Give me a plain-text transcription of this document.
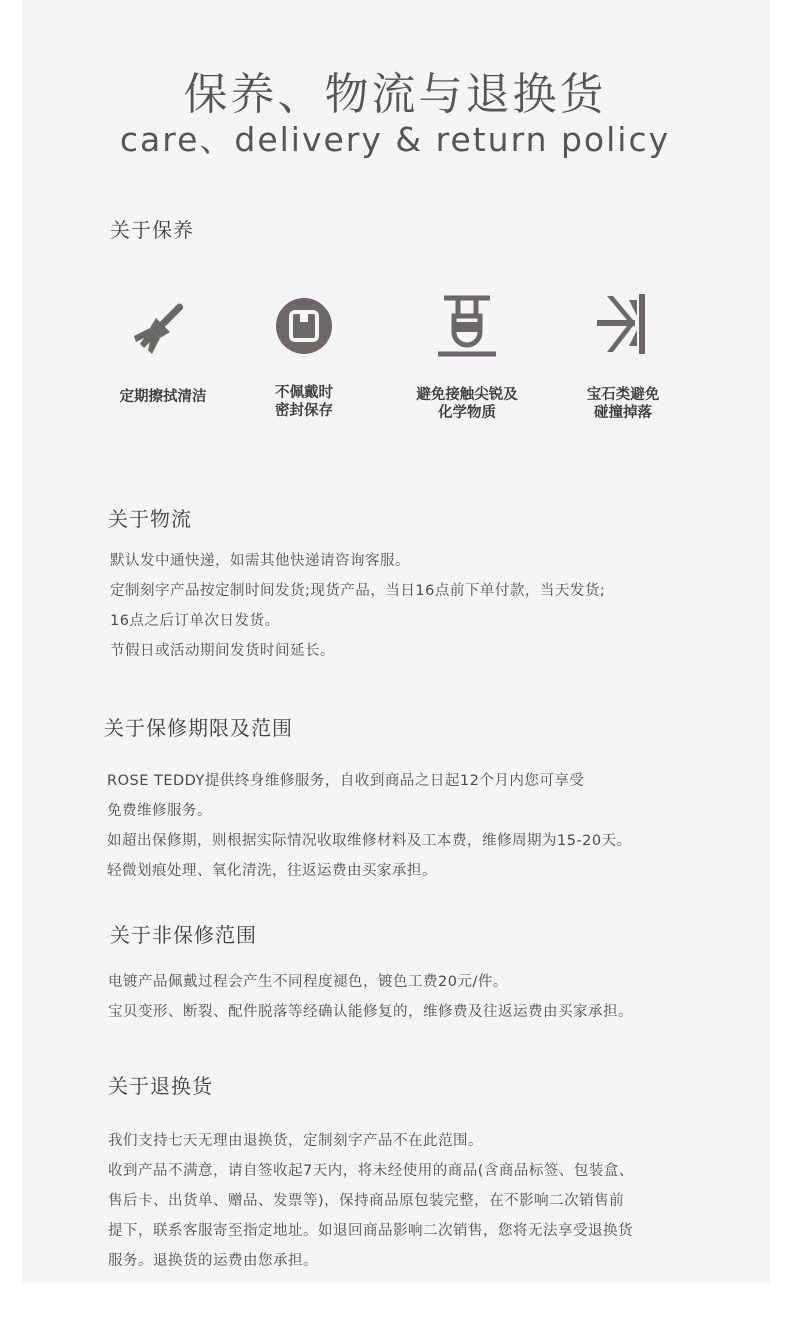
保养、物流与退换货
care、delivery & return policy
关于保养
定期擦拭清洁	不佩戴时
密封保存
避免接触尖锐及
化学物质
宝石类避免
碰撞掉落
关于物流

默认发中通快递，如需其他快递请咨询客服。

定制刻字产品按定制时间发货;现货产品，当日16点前下单付款，当天发货;

16点之后订单次日发货。

节假日或活动期间发货时间延长。

关于保修期限及范围

ROSE TEDDY提供终身维修服务，自收到商品之日起12个月内您可享受

免费维修服务。

如超出保修期，则根据实际情况收取维修材料及工本费，维修周期为15-20天。

轻微划痕处理、氧化清洗，往返运费由买家承担。

关于非保修范围

电镀产品佩戴过程会产生不同程度褪色，镀色工费20元/件。

宝贝变形、断裂、配件脱落等经确认能修复的，维修费及往返运费由买家承担。

关于退换货

我们支持七天无理由退换货，定制刻字产品不在此范围。

收到产品不满意，请自签收起7天内，将未经使用的商品(含商品标签、包装盒、

售后卡、出货单、赠品、发票等)，保持商品原包装完整，在不影响二次销售前

提下，联系客服寄至指定地址。如退回商品影响二次销售，您将无法享受退换货

服务。退换货的运费由您承担。
